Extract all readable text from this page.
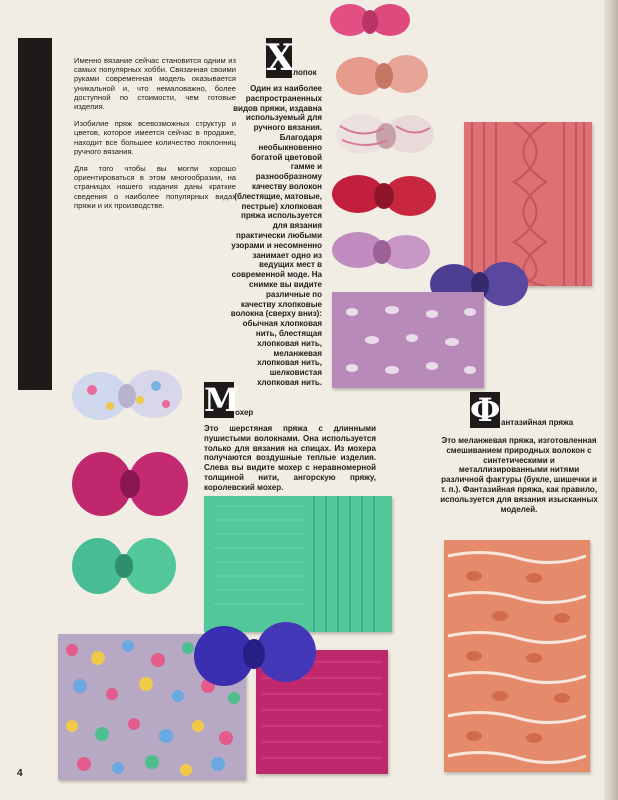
МОДНЫЕ ВИДЫ ПРЯЖИ	Именно вязание сейчас становится одним из самых популярных хобби. Связанная своими руками современная модель оказывается уникальной и, что немаловажно, более доступной по стоимости, чем готовые изделия.

Изобилие пряж всевозможных структур и цветов, которое имеется сейчас в продаже, находит все большее количество поклонниц ручного вязания.

Для того чтобы вы могли хорошо ориентироваться в этом многообразии, на страницах нашего издания даны краткие сведения о наиболее популярных видах пряжи и их производстве.

Х лопок
Один из наиболее распространенных видов пряжи, издавна используемый для ручного вязания. Благодаря необыкновенно богатой цветовой гамме и разнообразному качеству волокон (блестящие, матовые, пестрые) хлопковая пряжа используется для вязания практически любыми узорами и несомненно занимает одно из ведущих мест в современной моде. На снимке вы видите различные по качеству хлопковые волокна (сверху вниз): обычная хлопковая нить, блестящая хлопковая нить, меланжевая хлопковая нить, шелковистая хлопковая нить.
М
охер
Это шерстяная пряжа с длинными пушистыми волокнами. Она используется только для вязания на спицах. Из мохера получаются воздушные теплые изделия. Слева вы видите мохер с неравномерной толщиной нити, ангорскую пряжу, королевский мохер.
Ф антазийная пряжа
Это меланжевая пряжа, изготовленная смешиванием природных волокон с синтетическими и металлизированными нитями различной фактуры (букле, шишечки и т. п.). Фантазийная пряжа, как правило, используется для вязания изысканных моделей.
4
